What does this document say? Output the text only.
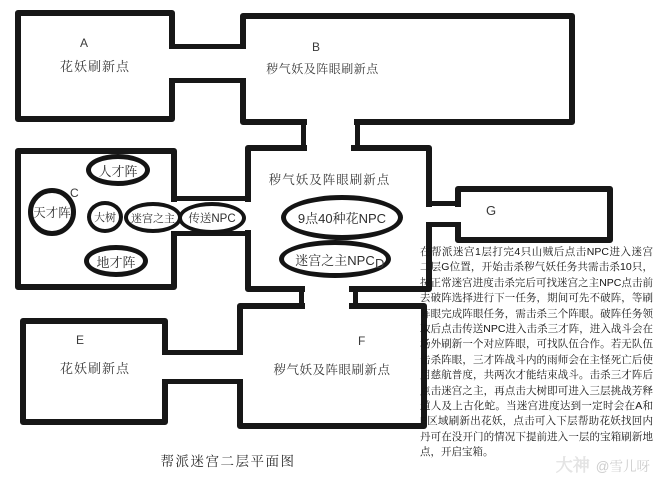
A
花妖刷新点
B
秽气妖及阵眼刷新点
C
秽气妖及阵眼刷新点
D
E
花妖刷新点
F
秽气妖及阵眼刷新点
G
人才阵
天才阵	大树	迷宫之主	传送NPC
地才阵
9点40种花NPC
迷宫之主NPC
在帮派迷宫1层打完4只山贼后点击NPC进入迷宫二层G位置，开始击杀秽气妖任务共需击杀10只，按正常迷宫进度击杀完后可找迷宫之主NPC点击前去破阵选择进行下一任务，期间可先不破阵，等刷阵眼完成阵眼任务，需击杀三个阵眼。破阵任务领取后点击传送NPC进入击杀三才阵，进入战斗会在场外刷新一个对应阵眼，可找队伍合作。若无队伍击杀阵眼，三才阵战斗内的雨师会在主怪死亡后使用慈航普度，共两次才能结束战斗。击杀三才阵后点击迷宫之主，再点击大树即可进入三层挑战芳释道人及上古化蛇。当迷宫进度达到一定时会在A和E区域刷新出花妖，点击可入下层帮助花妖找回内丹可在没开门的情况下提前进入一层的宝箱刷新地点，开启宝箱。
帮派迷宫二层平面图	大神 @雪儿呀
